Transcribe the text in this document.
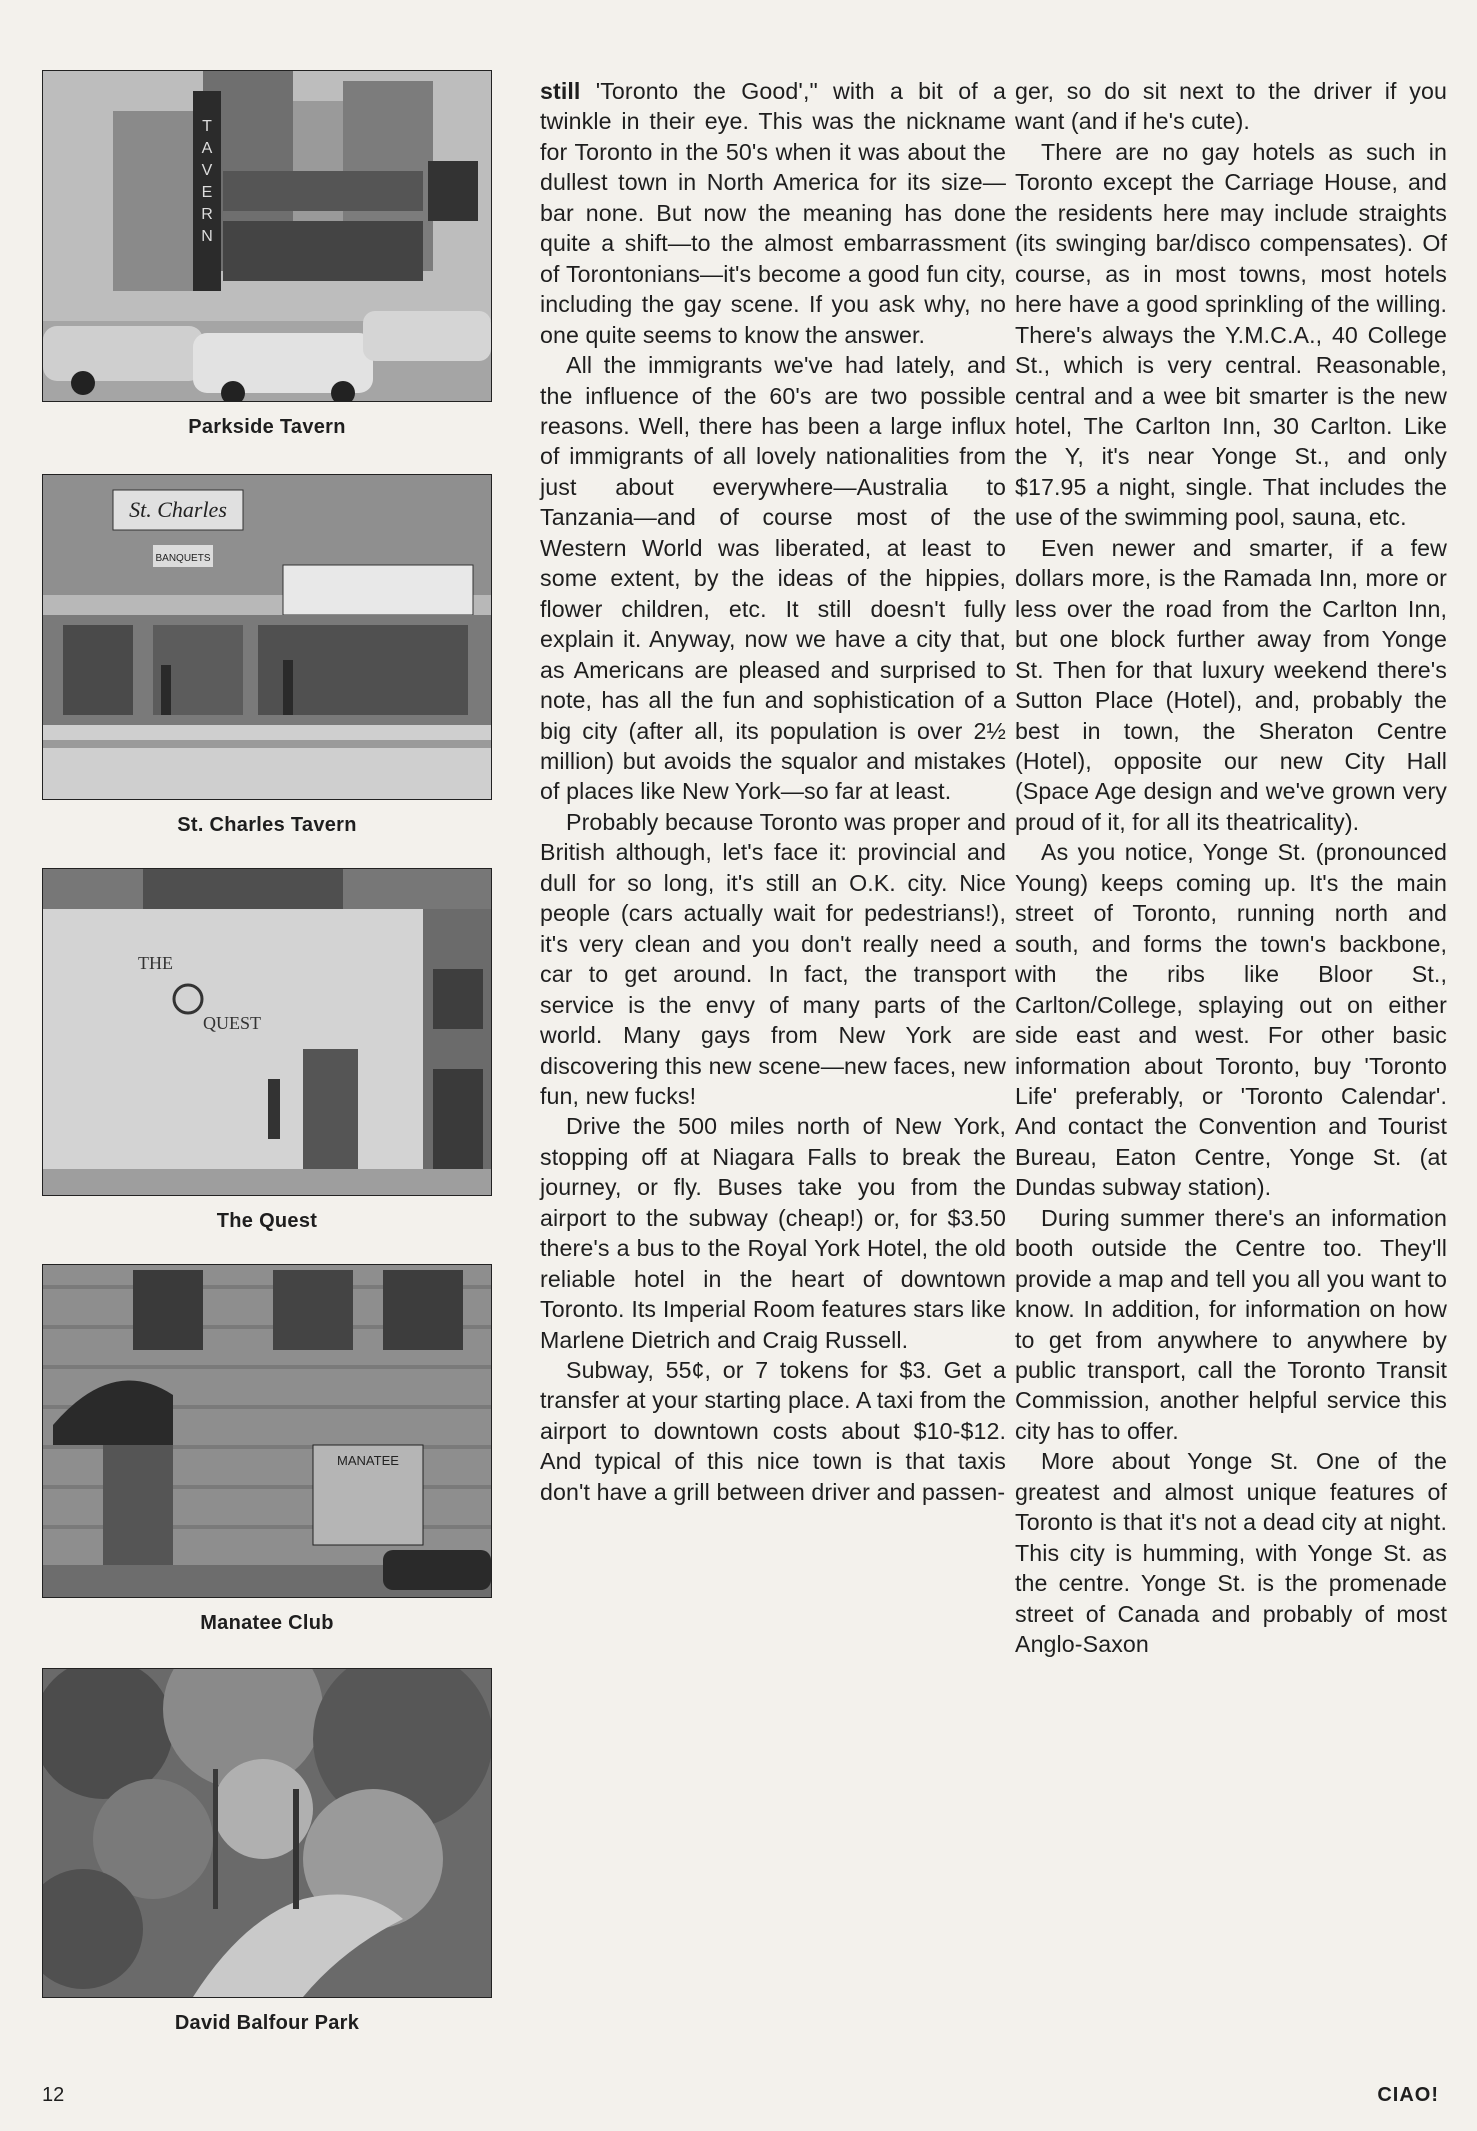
T
A
V
E
R
N
Parkside Tavern
St. Charles
BANQUETS
St. Charles Tavern
THE
QUEST
The Quest
MANATEE
Manatee Club
David Balfour Park

still 'Toronto the Good'," with a bit of a twinkle in their eye. This was the nickname for Toronto in the 50's when it was about the dullest town in North America for its size—bar none. But now the meaning has done quite a shift—to the almost embarrassment of Torontonians—it's become a good fun city, including the gay scene. If you ask why, no one quite seems to know the answer.

All the immigrants we've had lately, and the influence of the 60's are two possible reasons. Well, there has been a large influx of immigrants of all lovely nationalities from just about everywhere—Australia to Tanzania—and of course most of the Western World was liberated, at least to some extent, by the ideas of the hippies, flower children, etc. It still doesn't fully explain it. Anyway, now we have a city that, as Americans are pleased and surprised to note, has all the fun and sophistication of a big city (after all, its population is over 2½ million) but avoids the squalor and mistakes of places like New York—so far at least.

Probably because Toronto was proper and British although, let's face it: provincial and dull for so long, it's still an O.K. city. Nice people (cars actually wait for pedestrians!), it's very clean and you don't really need a car to get around. In fact, the transport service is the envy of many parts of the world. Many gays from New York are discovering this new scene—new faces, new fun, new fucks!

Drive the 500 miles north of New York, stopping off at Niagara Falls to break the journey, or fly. Buses take you from the airport to the subway (cheap!) or, for $3.50 there's a bus to the Royal York Hotel, the old reliable hotel in the heart of downtown Toronto. Its Imperial Room features stars like Marlene Dietrich and Craig Russell.

Subway, 55¢, or 7 tokens for $3. Get a transfer at your starting place. A taxi from the airport to downtown costs about $10-$12. And typical of this nice town is that taxis don't have a grill between driver and passen-

ger, so do sit next to the driver if you want (and if he's cute).

There are no gay hotels as such in Toronto except the Carriage House, and the residents here may include straights (its swinging bar/disco compensates). Of course, as in most towns, most hotels here have a good sprinkling of the willing. There's always the Y.M.C.A., 40 College St., which is very central. Reasonable, central and a wee bit smarter is the new hotel, The Carlton Inn, 30 Carlton. Like the Y, it's near Yonge St., and only $17.95 a night, single. That includes the use of the swimming pool, sauna, etc.

Even newer and smarter, if a few dollars more, is the Ramada Inn, more or less over the road from the Carlton Inn, but one block further away from Yonge St. Then for that luxury weekend there's Sutton Place (Hotel), and, probably the best in town, the Sheraton Centre (Hotel), opposite our new City Hall (Space Age design and we've grown very proud of it, for all its theatricality).

As you notice, Yonge St. (pronounced Young) keeps coming up. It's the main street of Toronto, running north and south, and forms the town's backbone, with the ribs like Bloor St., Carlton/College, splaying out on either side east and west. For other basic information about Toronto, buy 'Toronto Life' preferably, or 'Toronto Calendar'. And contact the Convention and Tourist Bureau, Eaton Centre, Yonge St. (at Dundas subway station).

During summer there's an information booth outside the Centre too. They'll provide a map and tell you all you want to know. In addition, for information on how to get from anywhere to anywhere by public transport, call the Toronto Transit Commission, another helpful service this city has to offer.

More about Yonge St. One of the greatest and almost unique features of Toronto is that it's not a dead city at night. This city is humming, with Yonge St. as the centre. Yonge St. is the promenade street of Canada and probably of most Anglo-Saxon

12	CIAO!
